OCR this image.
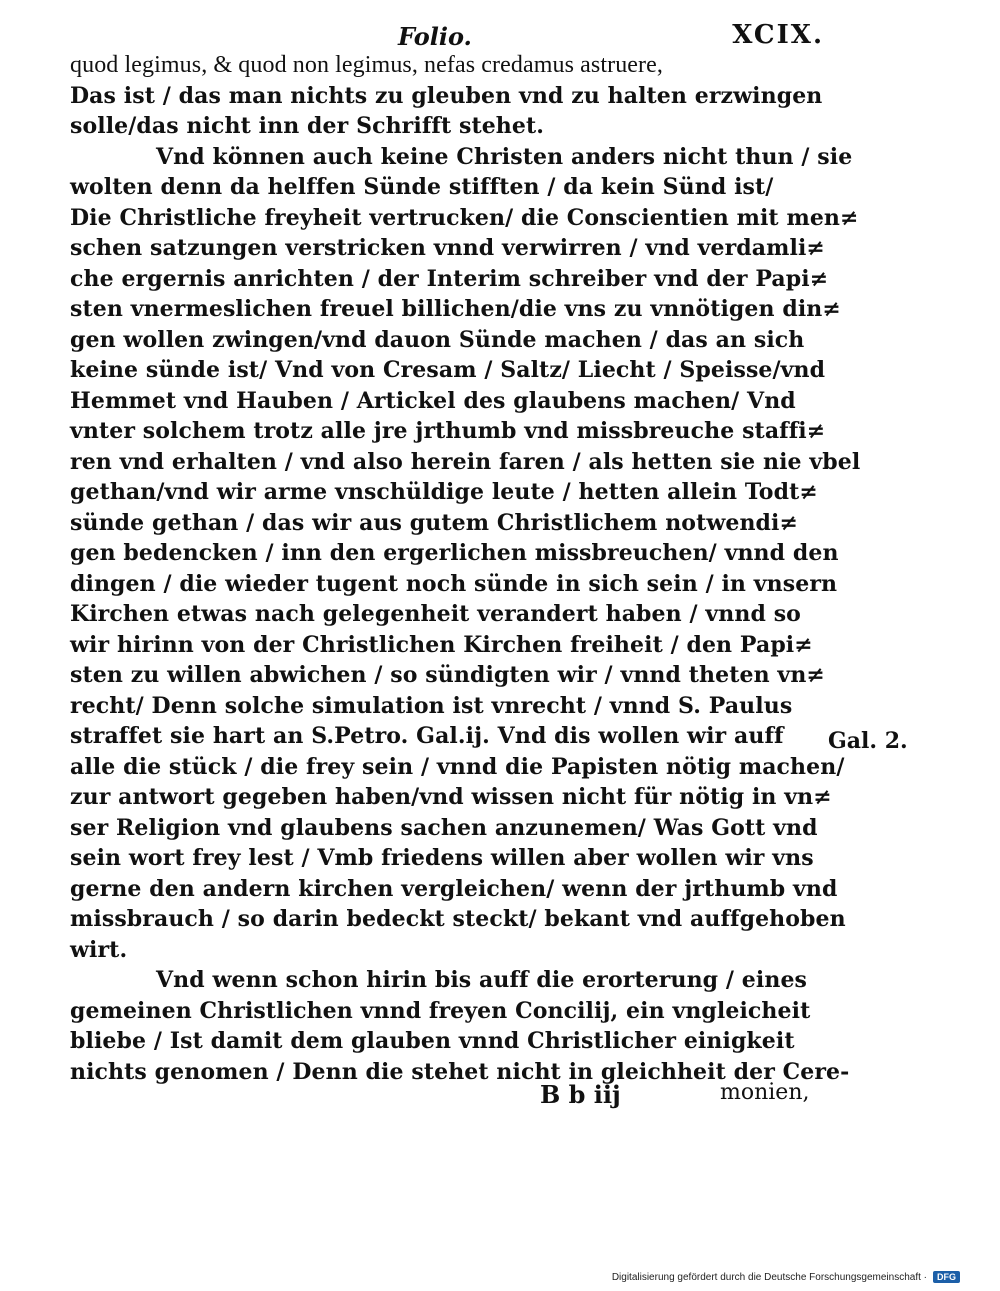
Folio.	XCIX.
quod legimus, & quod non legimus, nefas credamus astruere,
Das ist / das man nichts zu gleuben vnd zu halten erzwingen
solle/das nicht inn der Schrifft stehet.
Vnd können auch keine Christen anders nicht thun / sie
wolten denn da helffen Sünde stifften / da kein Sünd ist/
Die Christliche freyheit vertrucken/ die Conscientien mit men≠
schen satzungen verstricken vnnd verwirren / vnd verdamli≠
che ergernis anrichten / der Interim schreiber vnd der Papi≠
sten vnermeslichen freuel billichen/die vns zu vnnötigen din≠
gen wollen zwingen/vnd dauon Sünde machen / das an sich
keine sünde ist/ Vnd von Cresam / Saltz/ Liecht / Speisse/vnd
Hemmet vnd Hauben / Artickel des glaubens machen/ Vnd
vnter solchem trotz alle jre jrthumb vnd missbreuche staffi≠
ren vnd erhalten / vnd also herein faren / als hetten sie nie vbel
gethan/vnd wir arme vnschüldige leute / hetten allein Todt≠
sünde gethan / das wir aus gutem Christlichem notwendi≠
gen bedencken / inn den ergerlichen missbreuchen/ vnnd den
dingen / die wieder tugent noch sünde in sich sein / in vnsern
Kirchen etwas nach gelegenheit verandert haben / vnnd so
wir hirinn von der Christlichen Kirchen freiheit / den Papi≠
sten zu willen abwichen / so sündigten wir / vnnd theten vn≠
recht/ Denn solche simulation ist vnrecht / vnnd S. Paulus
straffet sie hart an S.Petro. Gal.ij. Vnd dis wollen wir auff
alle die stück / die frey sein / vnnd die Papisten nötig machen/
zur antwort gegeben haben/vnd wissen nicht für nötig in vn≠
ser Religion vnd glaubens sachen anzunemen/ Was Gott vnd
sein wort frey lest / Vmb friedens willen aber wollen wir vns
gerne den andern kirchen vergleichen/ wenn der jrthumb vnd
missbrauch / so darin bedeckt steckt/ bekant vnd auffgehoben
wirt.
Vnd wenn schon hirin bis auff die erorterung / eines
gemeinen Christlichen vnnd freyen Concilij, ein vngleicheit
bliebe / Ist damit dem glauben vnnd Christlicher einigkeit
nichts genomen / Denn die stehet nicht in gleichheit der Cere-
Gal. 2.
B b iij	monien,
Digitalisierung gefördert durch die Deutsche Forschungsgemeinschaft ·	DFG
